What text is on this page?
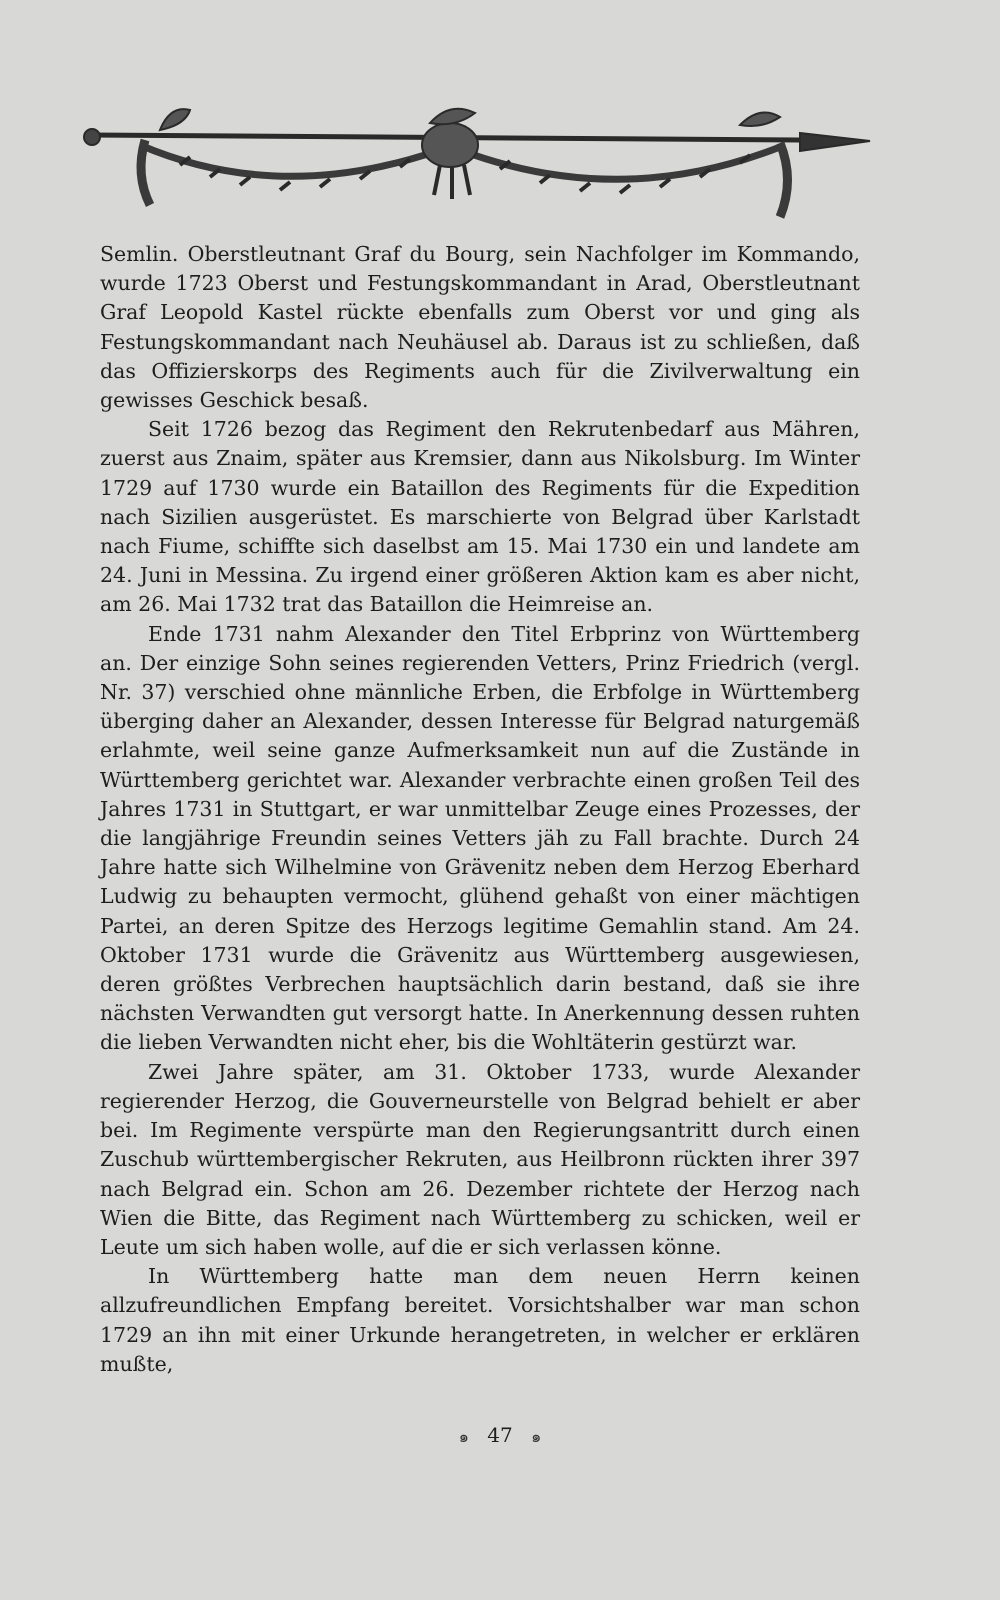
Semlin. Oberstleutnant Graf du Bourg, sein Nachfolger im Kommando, wurde 1723 Oberst und Festungskommandant in Arad, Oberstleutnant Graf Leopold Kastel rückte ebenfalls zum Oberst vor und ging als Festungskommandant nach Neuhäusel ab. Daraus ist zu schließen, daß das Offizierskorps des Regiments auch für die Zivilverwaltung ein gewisses Geschick besaß.

Seit 1726 bezog das Regiment den Rekrutenbedarf aus Mähren, zuerst aus Znaim, später aus Kremsier, dann aus Nikolsburg. Im Winter 1729 auf 1730 wurde ein Bataillon des Regiments für die Expedition nach Sizilien ausgerüstet. Es marschierte von Belgrad über Karlstadt nach Fiume, schiffte sich daselbst am 15. Mai 1730 ein und landete am 24. Juni in Messina. Zu irgend einer größeren Aktion kam es aber nicht, am 26. Mai 1732 trat das Bataillon die Heimreise an.

Ende 1731 nahm Alexander den Titel Erbprinz von Württemberg an. Der einzige Sohn seines regierenden Vetters, Prinz Friedrich (vergl. Nr. 37) verschied ohne männliche Erben, die Erbfolge in Württemberg überging daher an Alexander, dessen Interesse für Belgrad naturgemäß erlahmte, weil seine ganze Aufmerksamkeit nun auf die Zustände in Württemberg gerichtet war. Alexander verbrachte einen großen Teil des Jahres 1731 in Stuttgart, er war unmittelbar Zeuge eines Prozesses, der die langjährige Freundin seines Vetters jäh zu Fall brachte. Durch 24 Jahre hatte sich Wilhelmine von Grävenitz neben dem Herzog Eberhard Ludwig zu behaupten vermocht, glühend gehaßt von einer mächtigen Partei, an deren Spitze des Herzogs legitime Gemahlin stand. Am 24. Oktober 1731 wurde die Grävenitz aus Württemberg ausgewiesen, deren größtes Verbrechen hauptsächlich darin bestand, daß sie ihre nächsten Verwandten gut versorgt hatte. In Anerkennung dessen ruhten die lieben Verwandten nicht eher, bis die Wohltäterin gestürzt war.

Zwei Jahre später, am 31. Oktober 1733, wurde Alexander regierender Herzog, die Gouverneurstelle von Belgrad behielt er aber bei. Im Regimente verspürte man den Regierungsantritt durch einen Zuschub württembergischer Rekruten, aus Heilbronn rückten ihrer 397 nach Belgrad ein. Schon am 26. Dezember richtete der Herzog nach Wien die Bitte, das Regiment nach Württemberg zu schicken, weil er Leute um sich haben wolle, auf die er sich verlassen könne.

In Württemberg hatte man dem neuen Herrn keinen allzufreundlichen Empfang bereitet. Vorsichtshalber war man schon 1729 an ihn mit einer Urkunde herangetreten, in welcher er erklären mußte,

๑ 47 ๑
